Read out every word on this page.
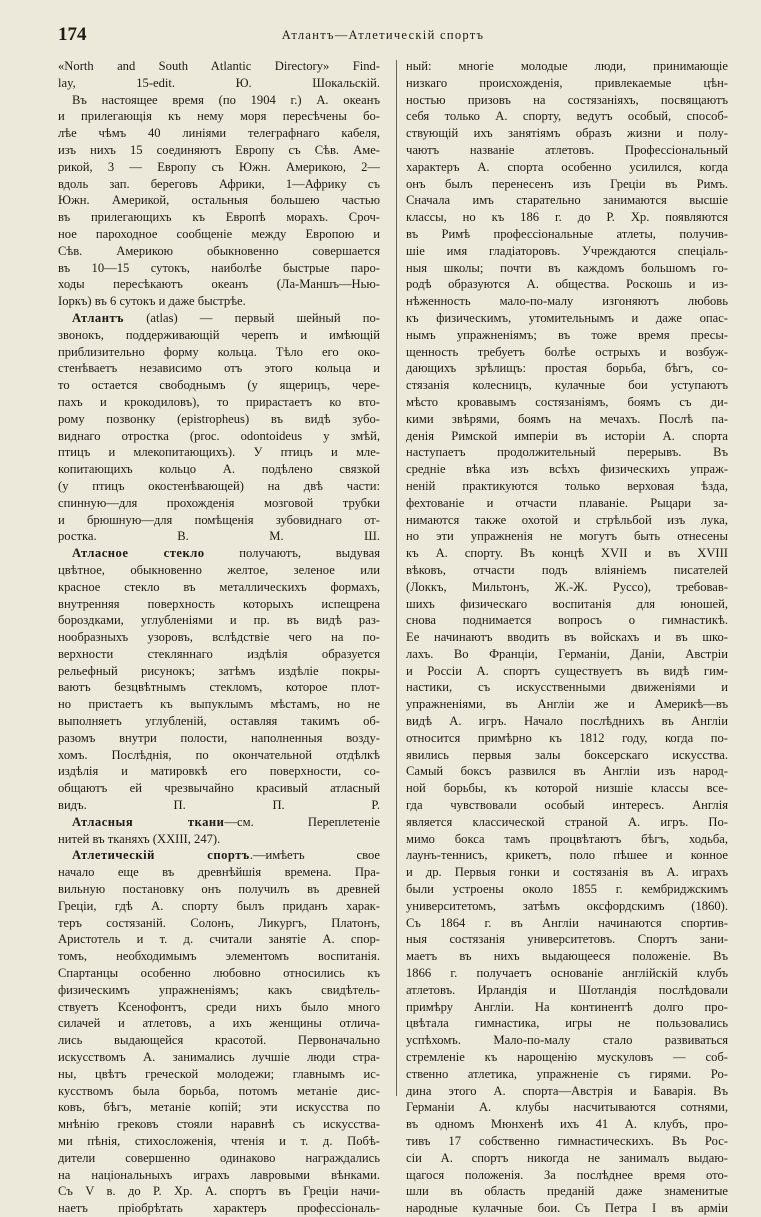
174	Атлантъ—Атлетическій спортъ
«North and South Atlantic Directory» Find-
lay, 15-edit. Ю. Шокальскій.
Въ настоящее время (по 1904 г.) А. океанъ
и прилегающія къ нему моря пересѣчены бо-
лѣе чѣмъ 40 линіями телеграфнаго кабеля,
изъ нихъ 15 соединяютъ Европу съ Сѣв. Аме-
рикой, 3 — Европу съ Южн. Америкою, 2—
вдоль зап. береговъ Африки, 1—Африку съ
Южн. Америкой, остальныя большею частью
въ прилегающихъ къ Европѣ морахъ. Сроч-
ное пароходное сообщеніе между Европою и
Сѣв. Америкою обыкновенно совершается
въ 10—15 сутокъ, наиболѣе быстрые паро-
ходы пересѣкаютъ океанъ (Ла-Маншъ—Нью-
Іоркъ) въ 6 сутокъ и даже быстрѣе.
Атлантъ (atlas) — первый шейный по-
звонокъ, поддерживающій черепъ и имѣющій
приблизительно форму кольца. Тѣло его око-
стенѣваетъ независимо отъ этого кольца и
то остается свободнымъ (у ящерицъ, чере-
пахъ и крокодиловъ), то прирастаетъ ко вто-
рому позвонку (epistropheus) въ видѣ зубо-
виднаго отростка (proc. odontoideus у змѣй,
птицъ и млекопитающихъ). У птицъ и мле-
копитающихъ кольцо А. подѣлено связкой
(у птицъ окостенѣвающей) на двѣ части:
спинную—для прохожденія мозговой трубки
и брюшную—для помѣщенія зубовиднаго от-
ростка. В. М. Ш.
Атласное стекло получаютъ, выдувая
цвѣтное, обыкновенно желтое, зеленое или
красное стекло въ металлическихъ формахъ,
внутренняя поверхность которыхъ испещрена
бороздками, углубленіями и пр. въ видѣ раз-
нообразныхъ узоровъ, вслѣдствіе чего на по-
верхности стекляннаго издѣлія образуется
рельефный рисунокъ; затѣмъ издѣліе покры-
ваютъ безцвѣтнымъ стекломъ, которое плот-
но пристаетъ къ выпуклымъ мѣстамъ, но не
выполняетъ углубленій, оставляя такимъ об-
разомъ внутри полости, наполненныя возду-
хомъ. Послѣднія, по окончательной отдѣлкѣ
издѣлія и матировкѣ его поверхности, со-
общаютъ ей чрезвычайно красивый атласный
видъ. П. П. Р.
Атласныя ткани—см. Переплетеніе
нитей въ тканяхъ (XXIII, 247).
Атлетическій спортъ.—имѣетъ свое
начало еще въ древнѣйшія времена. Пра-
вильную постановку онъ получилъ въ древней
Греціи, гдѣ А. спорту былъ приданъ харак-
теръ состязаній. Солонъ, Ликургъ, Платонъ,
Аристотель и т. д. считали занятіе А. спор-
томъ, необходимымъ элементомъ воспитанія.
Спартанцы особенно любовно относились къ
физическимъ упражненіямъ; какъ свидѣтель-
ствуетъ Ксенофонтъ, среди нихъ было много
силачей и атлетовъ, а ихъ женщины отлича-
лись выдающейся красотой. Первоначально
искусствомъ А. занимались лучшіе люди стра-
ны, цвѣтъ греческой молодежи; главнымъ ис-
кусствомъ была борьба, потомъ метаніе дис-
ковъ, бѣгъ, метаніе копій; эти искусства по
мнѣнію грековъ стояли наравнѣ съ искусства-
ми пѣнія, стихосложенія, чтенія и т. д. Побѣ-
дители совершенно одинаково награждались
на національныхъ играхъ лавровыми вѣнками.
Съ V в. до Р. Хр. А. спортъ въ Греціи начи-
наетъ пріобрѣтать характеръ профессіональ-
ный: многіе молодые люди, принимающіе
низкаго происхожденія, привлекаемые цѣн-
ностью призовъ на состязаніяхъ, посвящаютъ
себя только А. спорту, ведутъ особый, способ-
ствующій ихъ занятіямъ образъ жизни и полу-
чаютъ названіе атлетовъ. Профессіональный
характеръ А. спорта особенно усилился, когда
онъ былъ перенесенъ изъ Греціи въ Римъ.
Сначала имъ старательно занимаются высшіе
классы, но къ 186 г. до Р. Хр. появляются
въ Римѣ профессіональные атлеты, получив-
шіе имя гладіаторовъ. Учреждаются спеціаль-
ныя школы; почти въ каждомъ большомъ го-
родѣ образуются А. общества. Роскошь и из-
нѣженность мало-по-малу изгоняютъ любовь
къ физическимъ, утомительнымъ и даже опас-
нымъ упражненіямъ; въ тоже время пресы-
щенность требуетъ болѣе острыхъ и возбуж-
дающихъ зрѣлищъ: простая борьба, бѣгъ, со-
стязанія колесницъ, кулачные бои уступаютъ
мѣсто кровавымъ состязаніямъ, боямъ съ ди-
кими звѣрями, боямъ на мечахъ. Послѣ па-
денія Римской имперіи въ исторіи А. спорта
наступаетъ продолжительный перерывъ. Въ
средніе вѣка изъ всѣхъ физическихъ упраж-
неній практикуются только верховая ѣзда,
фехтованіе и отчасти плаваніе. Рыцари за-
нимаются также охотой и стрѣльбой изъ лука,
но эти упражненія не могутъ быть отнесены
къ А. спорту. Въ концѣ XVII и въ XVIII
вѣковъ, отчасти подъ вліяніемъ писателей
(Локкъ, Мильтонъ, Ж.-Ж. Руссо), требовав-
шихъ физическаго воспитанія для юношей,
снова поднимается вопросъ о гимнастикѣ.
Ее начинаютъ вводить въ войскахъ и въ шко-
лахъ. Во Франціи, Германіи, Даніи, Австріи
и Россіи А. спортъ существуетъ въ видѣ гим-
настики, съ искусственными движеніями и
упражненіями, въ Англіи же и Америкѣ—въ
видѣ А. игръ. Начало послѣднихъ въ Англіи
относится примѣрно къ 1812 году, когда по-
явились первыя залы боксерскаго искусства.
Самый боксъ развился въ Англіи изъ народ-
ной борьбы, къ которой низшіе классы все-
гда чувствовали особый интересъ. Англія
является классической страной А. игръ. По-
мимо бокса тамъ процвѣтаютъ бѣгъ, ходьба,
лаунъ-теннисъ, крикетъ, поло пѣшее и конное
и др. Первыя гонки и состязанія въ А. играхъ
были устроены около 1855 г. кембриджскимъ
университетомъ, затѣмъ оксфордскимъ (1860).
Съ 1864 г. въ Англіи начинаются спортив-
ныя состязанія университетовъ. Спортъ зани-
маетъ въ нихъ выдающееся положеніе. Въ
1866 г. получаетъ основаніе англійскій клубъ
атлетовъ. Ирландія и Шотландія послѣдовали
примѣру Англіи. На континентѣ долго про-
цвѣтала гимнастика, игры не пользовались
успѣхомъ. Мало-по-малу стало развиваться
стремленіе къ нарощенію мускуловъ — соб-
ственно атлетика, упражненіе съ гирями. Ро-
дина этого А. спорта—Австрія и Баварія. Въ
Германіи А. клубы насчитываются сотнями,
въ одномъ Мюнхенѣ ихъ 41 А. клубъ, про-
тивъ 17 собственно гимнастическихъ. Въ Рос-
сіи А. спортъ никогда не занималъ выдаю-
щагося положенія. За послѣднее время ото-
шли въ область преданій даже знаменитые
народные кулачные бои. Съ Петра I въ арміи
